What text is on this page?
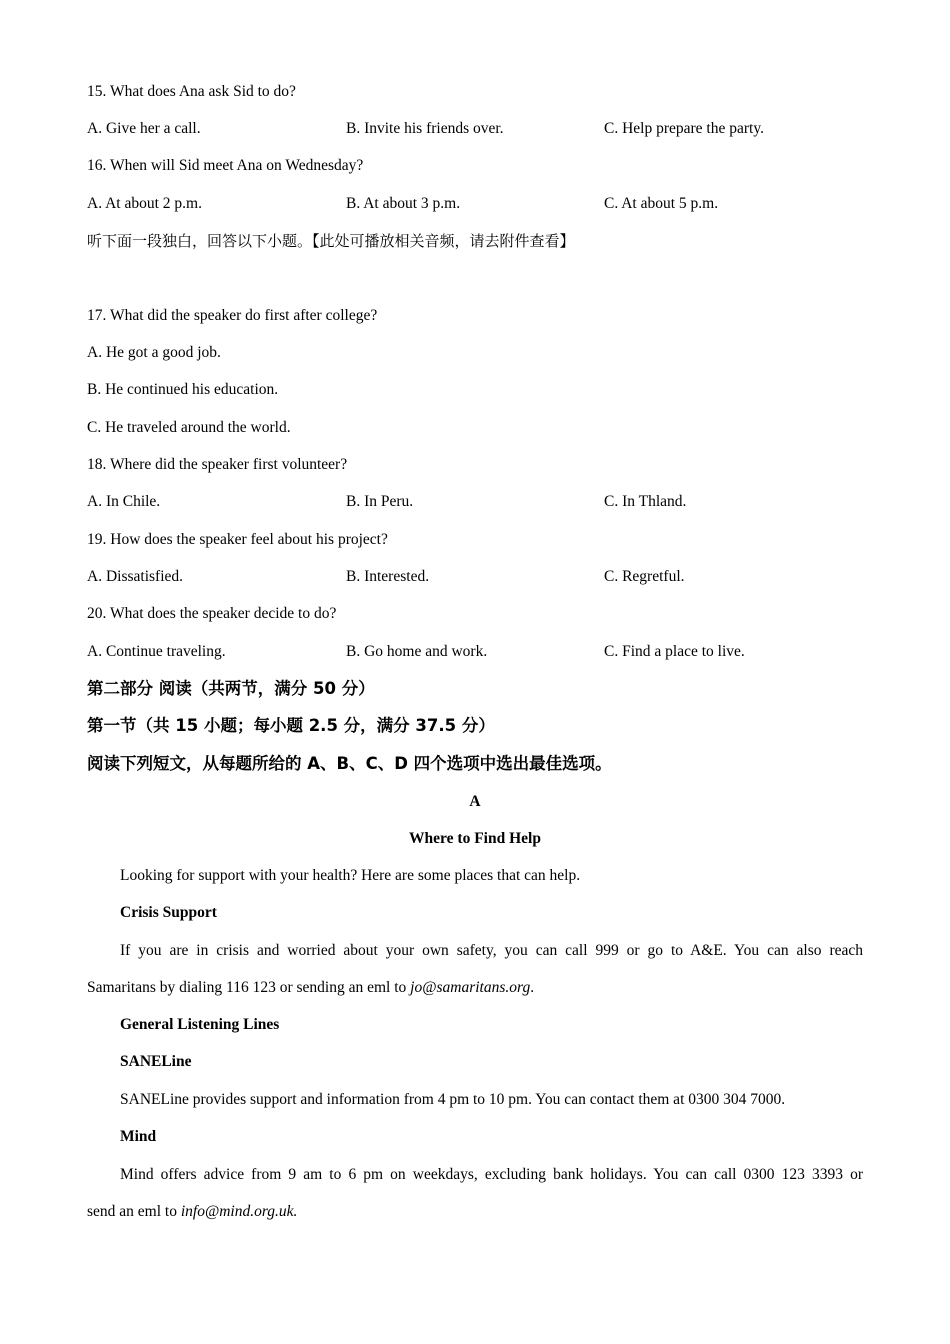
15. What does Ana ask Sid to do?
A. Give her a call.	B. Invite his friends over.	C. Help prepare the party.
16. When will Sid meet Ana on Wednesday?
A. At about 2 p.m.	B. At about 3 p.m.	C. At about 5 p.m.
听下面一段独白，回答以下小题。【此处可播放相关音频，请去附件查看】
17. What did the speaker do first after college?
A. He got a good job.
B. He continued his education.
C. He traveled around the world.
18. Where did the speaker first volunteer?
A. In Chile.	B. In Peru.	C. In Thland.
19. How does the speaker feel about his project?
A. Dissatisfied.	B. Interested.	C. Regretful.
20. What does the speaker decide to do?
A. Continue traveling.	B. Go home and work.	C. Find a place to live.
第二部分 阅读（共两节，满分 50 分）
第一节（共 15 小题；每小题 2.5 分，满分 37.5 分）
阅读下列短文，从每题所给的 A、B、C、D 四个选项中选出最佳选项。
A
Where to Find Help
Looking for support with your health? Here are some places that can help.
Crisis Support
If you are in crisis and worried about your own safety, you can call 999 or go to A&E. You can also reach
Samaritans by dialing 116 123 or sending an eml to jo@samaritans.org.
General Listening Lines
SANELine
SANELine provides support and information from 4 pm to 10 pm. You can contact them at 0300 304 7000.
Mind
Mind offers advice from 9 am to 6 pm on weekdays, excluding bank holidays. You can call 0300 123 3393 or
send an eml to info@mind.org.uk.
